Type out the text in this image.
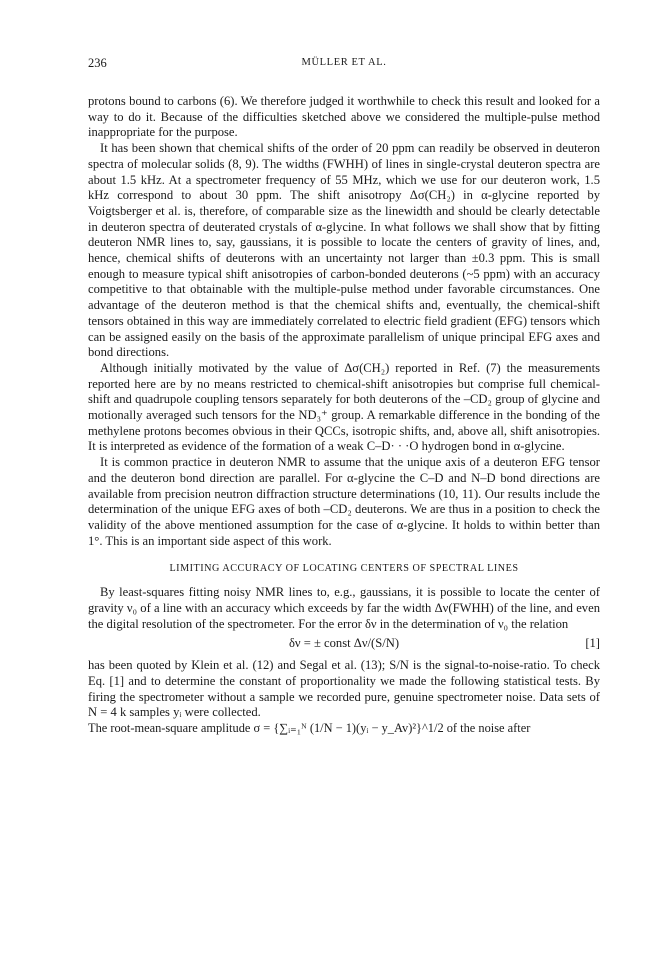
236	MÜLLER ET AL.

protons bound to carbons (6). We therefore judged it worthwhile to check this result and looked for a way to do it. Because of the difficulties sketched above we considered the multiple-pulse method inappropriate for the purpose.

It has been shown that chemical shifts of the order of 20 ppm can readily be observed in deuteron spectra of molecular solids (8, 9). The widths (FWHH) of lines in single-crystal deuteron spectra are about 1.5 kHz. At a spectrometer frequency of 55 MHz, which we use for our deuteron work, 1.5 kHz correspond to about 30 ppm. The shift anisotropy Δσ(CH₂) in α-glycine reported by Voigtsberger et al. is, therefore, of comparable size as the linewidth and should be clearly detectable in deuteron spectra of deuterated crystals of α-glycine. In what follows we shall show that by fitting deuteron NMR lines to, say, gaussians, it is possible to locate the centers of gravity of lines, and, hence, chemical shifts of deuterons with an uncertainty not larger than ±0.3 ppm. This is small enough to measure typical shift anisotropies of carbon-bonded deuterons (~5 ppm) with an accuracy competitive to that obtainable with the multiple-pulse method under favorable circumstances. One advantage of the deuteron method is that the chemical shifts and, eventually, the chemical-shift tensors obtained in this way are immediately correlated to electric field gradient (EFG) tensors which can be assigned easily on the basis of the approximate parallelism of unique principal EFG axes and bond directions.

Although initially motivated by the value of Δσ(CH₂) reported in Ref. (7) the measurements reported here are by no means restricted to chemical-shift anisotropies but comprise full chemical-shift and quadrupole coupling tensors separately for both deuterons of the –CD₂ group of glycine and motionally averaged such tensors for the ND₃⁺ group. A remarkable difference in the bonding of the methylene protons becomes obvious in their QCCs, isotropic shifts, and, above all, shift anisotropies. It is interpreted as evidence of the formation of a weak C–D· · ·O hydrogen bond in α-glycine.

It is common practice in deuteron NMR to assume that the unique axis of a deuteron EFG tensor and the deuteron bond direction are parallel. For α-glycine the C–D and N–D bond directions are available from precision neutron diffraction structure determinations (10, 11). Our results include the determination of the unique EFG axes of both –CD₂ deuterons. We are thus in a position to check the validity of the above mentioned assumption for the case of α-glycine. It holds to within better than 1°. This is an important side aspect of this work.

LIMITING ACCURACY OF LOCATING CENTERS OF SPECTRAL LINES

By least-squares fitting noisy NMR lines to, e.g., gaussians, it is possible to locate the center of gravity ν₀ of a line with an accuracy which exceeds by far the width Δν(FWHH) of the line, and even the digital resolution of the spectrometer. For the error δν in the determination of ν₀ the relation

δν = ± const Δν/(S/N)	[1]

has been quoted by Klein et al. (12) and Segal et al. (13); S/N is the signal-to-noise-ratio. To check Eq. [1] and to determine the constant of proportionality we made the following statistical tests. By firing the spectrometer without a sample we recorded pure, genuine spectrometer noise. Data sets of N = 4 k samples yᵢ were collected.

The root-mean-square amplitude σ = {∑ᵢ₌₁ᴺ (1/N − 1)(yᵢ − y_Av)²}^1/2 of the noise after
